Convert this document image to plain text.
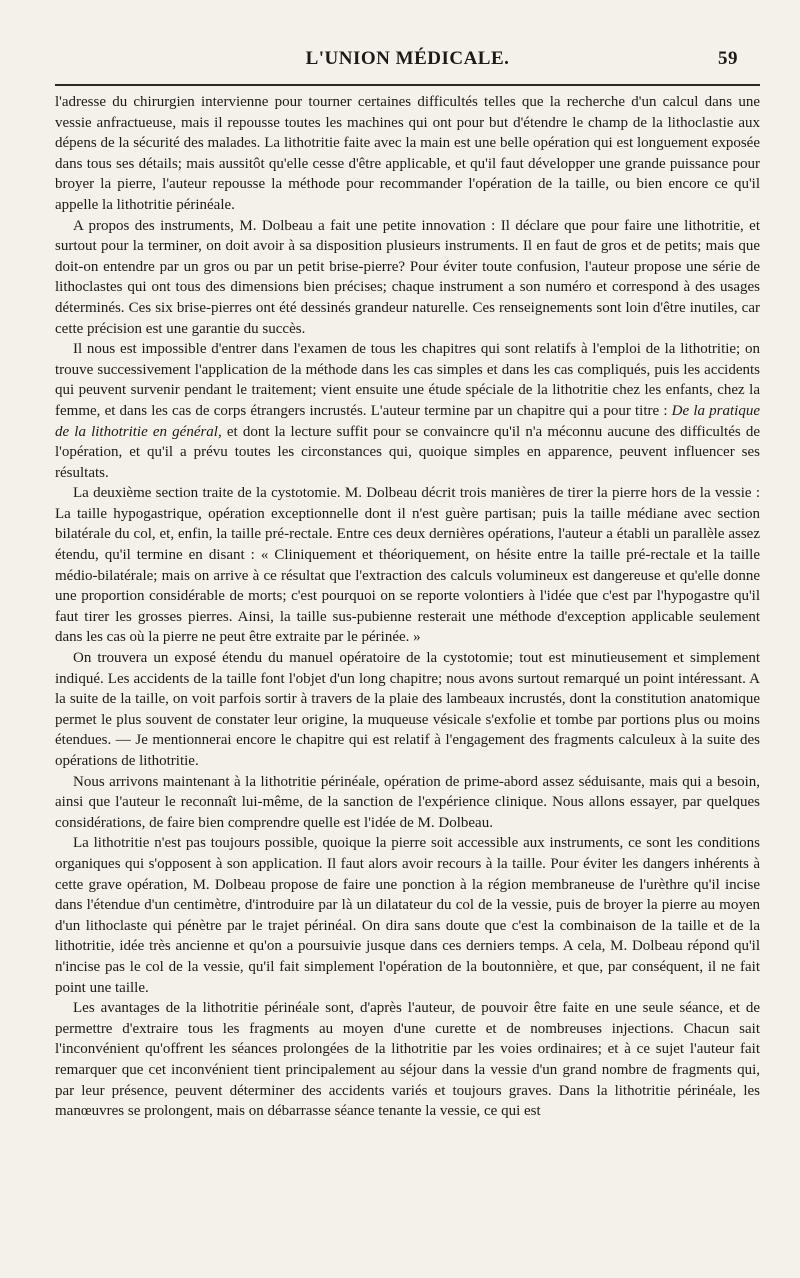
L'UNION MÉDICALE.	59

l'adresse du chirurgien intervienne pour tourner certaines difficultés telles que la recherche d'un calcul dans une vessie anfractueuse, mais il repousse toutes les machines qui ont pour but d'étendre le champ de la lithoclastie aux dépens de la sécurité des malades. La lithotritie faite avec la main est une belle opération qui est longuement exposée dans tous ses détails; mais aussitôt qu'elle cesse d'être applicable, et qu'il faut développer une grande puissance pour broyer la pierre, l'auteur repousse la méthode pour recommander l'opération de la taille, ou bien encore ce qu'il appelle la lithotritie périnéale.

A propos des instruments, M. Dolbeau a fait une petite innovation : Il déclare que pour faire une lithotritie, et surtout pour la terminer, on doit avoir à sa disposition plusieurs instruments. Il en faut de gros et de petits; mais que doit-on entendre par un gros ou par un petit brise-pierre? Pour éviter toute confusion, l'auteur propose une série de lithoclastes qui ont tous des dimensions bien précises; chaque instrument a son numéro et correspond à des usages déterminés. Ces six brise-pierres ont été dessinés grandeur naturelle. Ces renseignements sont loin d'être inutiles, car cette précision est une garantie du succès.

Il nous est impossible d'entrer dans l'examen de tous les chapitres qui sont relatifs à l'emploi de la lithotritie; on trouve successivement l'application de la méthode dans les cas simples et dans les cas compliqués, puis les accidents qui peuvent survenir pendant le traitement; vient ensuite une étude spéciale de la lithotritie chez les enfants, chez la femme, et dans les cas de corps étrangers incrustés. L'auteur termine par un chapitre qui a pour titre : De la pratique de la lithotritie en général, et dont la lecture suffit pour se convaincre qu'il n'a méconnu aucune des difficultés de l'opération, et qu'il a prévu toutes les circonstances qui, quoique simples en apparence, peuvent influencer ses résultats.

La deuxième section traite de la cystotomie. M. Dolbeau décrit trois manières de tirer la pierre hors de la vessie : La taille hypogastrique, opération exceptionnelle dont il n'est guère partisan; puis la taille médiane avec section bilatérale du col, et, enfin, la taille pré-rectale. Entre ces deux dernières opérations, l'auteur a établi un parallèle assez étendu, qu'il termine en disant : « Cliniquement et théoriquement, on hésite entre la taille pré-rectale et la taille médio-bilatérale; mais on arrive à ce résultat que l'extraction des calculs volumineux est dangereuse et qu'elle donne une proportion considérable de morts; c'est pourquoi on se reporte volontiers à l'idée que c'est par l'hypogastre qu'il faut tirer les grosses pierres. Ainsi, la taille sus-pubienne resterait une méthode d'exception applicable seulement dans les cas où la pierre ne peut être extraite par le périnée. »

On trouvera un exposé étendu du manuel opératoire de la cystotomie; tout est minutieusement et simplement indiqué. Les accidents de la taille font l'objet d'un long chapitre; nous avons surtout remarqué un point intéressant. A la suite de la taille, on voit parfois sortir à travers de la plaie des lambeaux incrustés, dont la constitution anatomique permet le plus souvent de constater leur origine, la muqueuse vésicale s'exfolie et tombe par portions plus ou moins étendues. — Je mentionnerai encore le chapitre qui est relatif à l'engagement des fragments calculeux à la suite des opérations de lithotritie.

Nous arrivons maintenant à la lithotritie périnéale, opération de prime-abord assez séduisante, mais qui a besoin, ainsi que l'auteur le reconnaît lui-même, de la sanction de l'expérience clinique. Nous allons essayer, par quelques considérations, de faire bien comprendre quelle est l'idée de M. Dolbeau.

La lithotritie n'est pas toujours possible, quoique la pierre soit accessible aux instruments, ce sont les conditions organiques qui s'opposent à son application. Il faut alors avoir recours à la taille. Pour éviter les dangers inhérents à cette grave opération, M. Dolbeau propose de faire une ponction à la région membraneuse de l'urèthre qu'il incise dans l'étendue d'un centimètre, d'introduire par là un dilatateur du col de la vessie, puis de broyer la pierre au moyen d'un lithoclaste qui pénètre par le trajet périnéal. On dira sans doute que c'est la combinaison de la taille et de la lithotritie, idée très ancienne et qu'on a poursuivie jusque dans ces derniers temps. A cela, M. Dolbeau répond qu'il n'incise pas le col de la vessie, qu'il fait simplement l'opération de la boutonnière, et que, par conséquent, il ne fait point une taille.

Les avantages de la lithotritie périnéale sont, d'après l'auteur, de pouvoir être faite en une seule séance, et de permettre d'extraire tous les fragments au moyen d'une curette et de nombreuses injections. Chacun sait l'inconvénient qu'offrent les séances prolongées de la lithotritie par les voies ordinaires; et à ce sujet l'auteur fait remarquer que cet inconvénient tient principalement au séjour dans la vessie d'un grand nombre de fragments qui, par leur présence, peuvent déterminer des accidents variés et toujours graves. Dans la lithotritie périnéale, les manœuvres se prolongent, mais on débarrasse séance tenante la vessie, ce qui est
